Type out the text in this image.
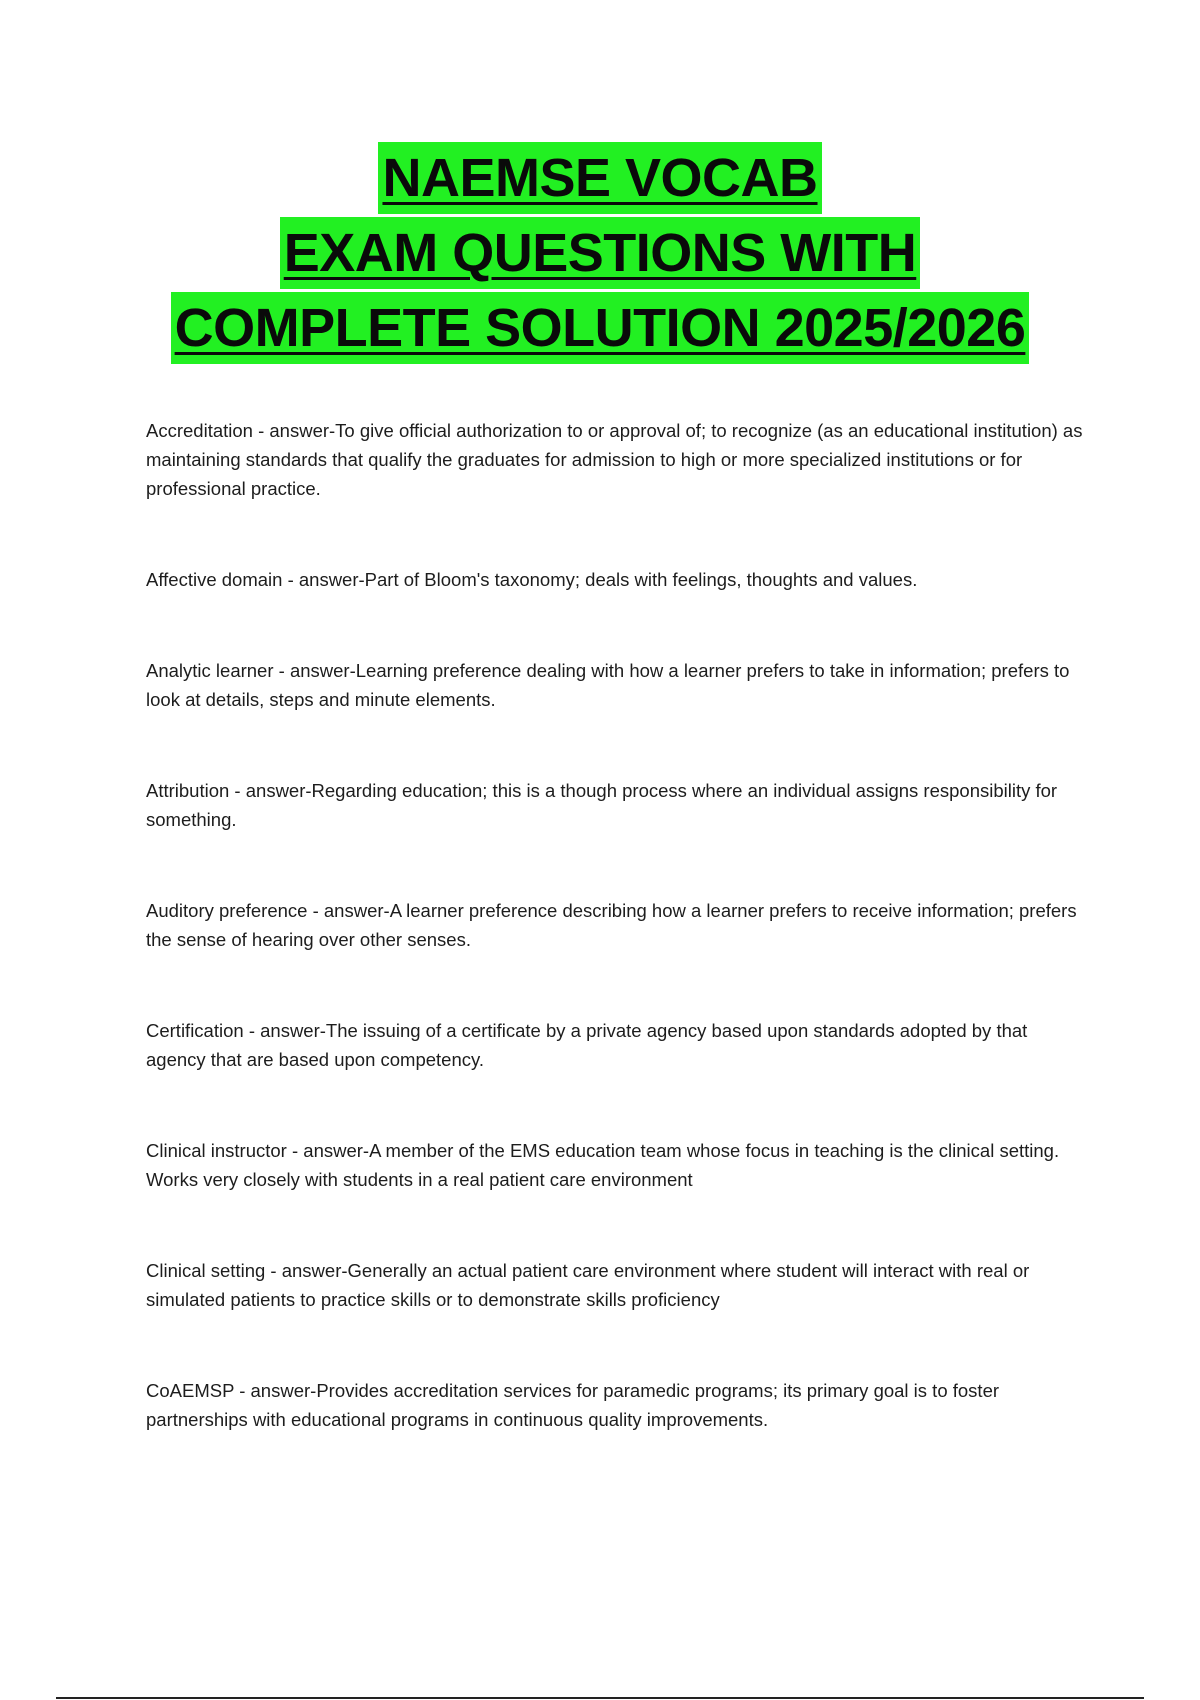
NAEMSE VOCAB
EXAM QUESTIONS WITH
COMPLETE SOLUTION 2025/2026

Accreditation - answer-To give official authorization to or approval of; to recognize (as an educational institution) as maintaining standards that qualify the graduates for admission to high or more specialized institutions or for professional practice.

Affective domain - answer-Part of Bloom's taxonomy; deals with feelings, thoughts and values.

Analytic learner - answer-Learning preference dealing with how a learner prefers to take in information; prefers to look at details, steps and minute elements.

Attribution - answer-Regarding education; this is a though process where an individual assigns responsibility for something.

Auditory preference - answer-A learner preference describing how a learner prefers to receive information; prefers the sense of hearing over other senses.

Certification - answer-The issuing of a certificate by a private agency based upon standards adopted by that agency that are based upon competency.

Clinical instructor - answer-A member of the EMS education team whose focus in teaching is the clinical setting. Works very closely with students in a real patient care environment

Clinical setting - answer-Generally an actual patient care environment where student will interact with real or simulated patients to practice skills or to demonstrate skills proficiency

CoAEMSP - answer-Provides accreditation services for paramedic programs; its primary goal is to foster partnerships with educational programs in continuous quality improvements.
